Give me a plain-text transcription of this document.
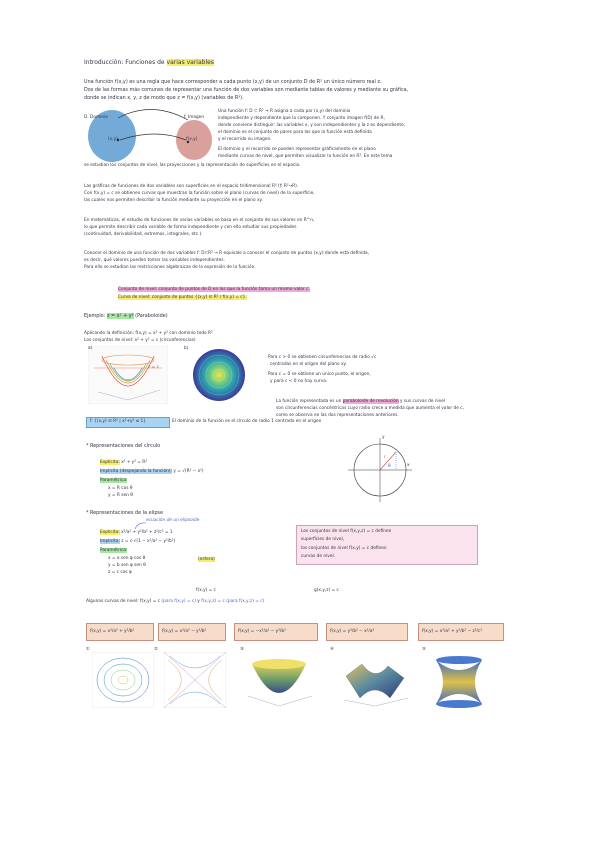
Introducción: Funciones de varias variables
Una función f(x,y) es una regla que hace corresponder a cada punto (x,y) de un conjunto D de R² un único número real z.
Dos de las formas más comunes de representar una función de dos variables son mediante tablas de valores y mediante su gráfica,
donde se indican x, y, z de modo que z = f(x,y) (variables de R³).
D. Dominio	f. Imagen
(x,y)	f(x,y)
Una función f: D ⊂ R² → R asigna a cada par (x,y) del dominio
independiente y dependiente que la componen. Y conjunto imagen f(D) de R,
donde conviene distinguir: las variables x, y son independientes y la z es dependiente,
el dominio es el conjunto de pares para los que la función está definida
y el recorrido su imagen.
El dominio y el recorrido se pueden representar gráficamente en el plano
mediante curvas de nivel, que permiten visualizar la función en R³. En este tema
se estudian los conjuntos de nivel, las proyecciones y la representación de superficies en el espacio.
Las gráficas de funciones de dos variables son superficies en el espacio tridimensional R³ (f: R²→R).
Con f(x,y) = c se obtienen curvas que muestran la función sobre el plano (curvas de nivel) de la superficie,
las cuales nos permiten describir la función mediante su proyección en el plano xy.
En matemáticas, el estudio de funciones de varias variables se basa en el conjunto de sus valores en R^n,
lo que permite describir cada variable de forma independiente y con ello estudiar sus propiedades
(continuidad, derivabilidad, extremos, integrales, etc.).
Conocer el dominio de una función de dos variables f: D⊂R² → R equivale a conocer el conjunto de puntos (x,y) donde está definida,
es decir, qué valores pueden tomar las variables independientes.
Para ello se estudian las restricciones algebraicas de la expresión de la función.
Conjunto de nivel: conjunto de puntos de D en los que la función toma un mismo valor c.
Curva de nivel: conjunto de puntos {(x,y) ∈ R² / f(x,y) = c}.
Ejemplo: z = x² + y² (Paraboloide)
Aplicando la definición: f(x,y) = x² + y² con dominio todo R²
Los conjuntos de nivel: x² + y² = c (circunferencias)
a)
z = c
b)
Para c > 0 se obtienen circunferencias de radio √c
centradas en el origen del plano xy.
Para c = 0 se obtiene un único punto, el origen,
y para c < 0 no hay curva.
La función representada es un paraboloide de revolución y sus curvas de nivel
son circunferencias concéntricas cuyo radio crece a medida que aumenta el valor de c,
como se observa en las dos representaciones anteriores.
f: {(x,y) ∈ R² | x²+y² ≤ 1}	El dominio de la función es el círculo de radio 1 centrado en el origen
* Representaciones del círculo
Explícita: x² + y² = R²
Implícita (despejando la función): y = √(R² − x²)
Paramétrica:
x = R cos θ
y = R sen θ
y
x
r
θ
* Representaciones de la elipse
ecuación de un elipsoide
Explícita: x²/a² + y²/b² + z²/c² = 1
Implícita: z = c·√(1 − x²/a² − y²/b²)
Paramétrica:
x = a sen φ cos θ
y = b sen φ sen θ
z = c cos φ
(esfera)
Los conjuntos de nivel f(x,y,z) = c definen
superficies de nivel,
los conjuntos de nivel f(x,y) = c definen
curvas de nivel.
f(x,y) = c	g(x,y,z) = c
Algunas curvas de nivel: f(x,y) = c (para f(x,y) = c) y f(x,y,z) = c (para f(x,y,z) = c)
f(x,y) = x²/a² + y²/b²	f(x,y) = x²/a² − y²/b²	f(x,y) = −x²/a² − y²/b²	f(x,y) = y²/b² − x²/a²	f(x,y) = x²/a² + y²/b² − z²/c²
①	②	③	④	⑤
